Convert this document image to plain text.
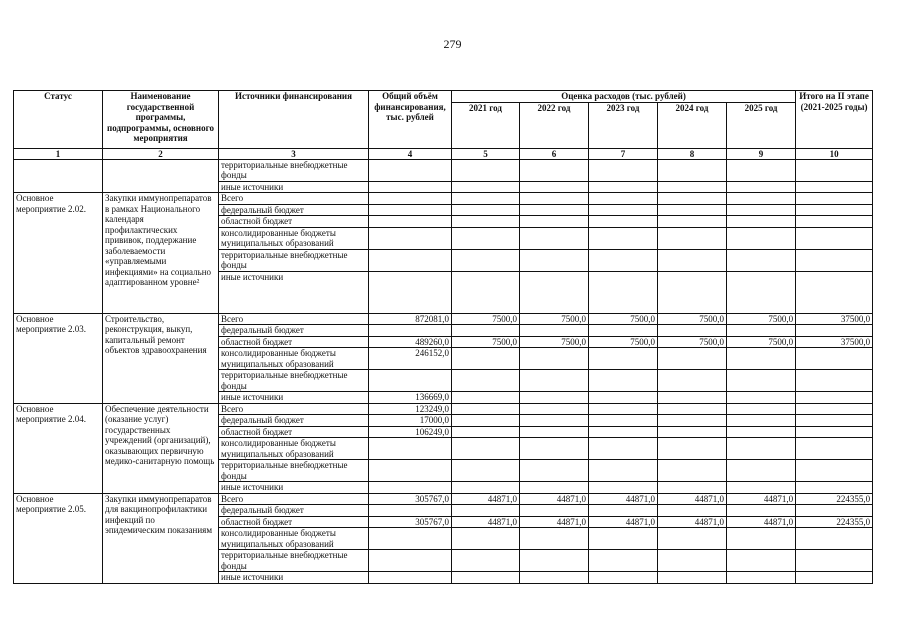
279
Статус	Наименование государственной программы, подпрограммы, основного мероприятия	Источники финансирования	Общий объём финансирования, тыс. рублей	Оценка расходов (тыс. рублей)					Итого на II этапе (2021-2025 годы)
				2021 год	2022 год	2023 год	2024 год	2025 год	
1	2	3	4	5	6	7	8	9	10
		территориальные внебюджетные фонды							
		иные источники							
Основное мероприятие 2.02.	Закупки иммунопрепаратов в рамках Национального календаря профилактических прививок, поддержание заболеваемости «управляемыми инфекциями» на социально адаптированном уровне²	Всего							
		федеральный бюджет							
		областной бюджет							
		консолидированные бюджеты муниципальных образований							
		территориальные внебюджетные фонды							
		иные источники							
Основное мероприятие 2.03.	Строительство, реконструкция, выкуп, капитальный ремонт объектов здравоохранения	Всего	872081,0	7500,0	7500,0	7500,0	7500,0	7500,0	37500,0
		федеральный бюджет							
		областной бюджет	489260,0	7500,0	7500,0	7500,0	7500,0	7500,0	37500,0
		консолидированные бюджеты муниципальных образований	246152,0						
		территориальные внебюджетные фонды							
		иные источники	136669,0						
Основное мероприятие 2.04.	Обеспечение деятельности (оказание услуг) государственных учреждений (организаций), оказывающих первичную медико-санитарную помощь	Всего	123249,0						
		федеральный бюджет	17000,0						
		областной бюджет	106249,0						
		консолидированные бюджеты муниципальных образований							
		территориальные внебюджетные фонды							
		иные источники							
Основное мероприятие 2.05.	Закупки иммунопрепаратов для вакцинопрофилактики инфекций по эпидемическим показаниям	Всего	305767,0	44871,0	44871,0	44871,0	44871,0	44871,0	224355,0
		федеральный бюджет							
		областной бюджет	305767,0	44871,0	44871,0	44871,0	44871,0	44871,0	224355,0
		консолидированные бюджеты муниципальных образований							
		территориальные внебюджетные фонды							
		иные источники							
